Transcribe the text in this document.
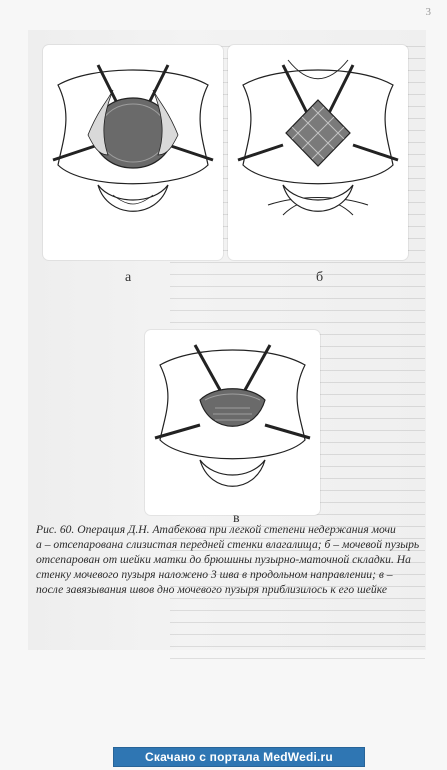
3
а	б
в
Рис. 60. Операция Д.Н. Атабекова при легкой степени недержания мочи
а – отсепарована слизистая передней стенки влагалища; б – мочевой пузырь отсепарован от шейки матки до брюшины пузырно-маточной складки. На стенку мочевого пузыря наложено 3 шва в продольном направлении; в – после завязывания швов дно мочевого пузыря приблизилось к его шейке
Скачано с портала MedWedi.ru
